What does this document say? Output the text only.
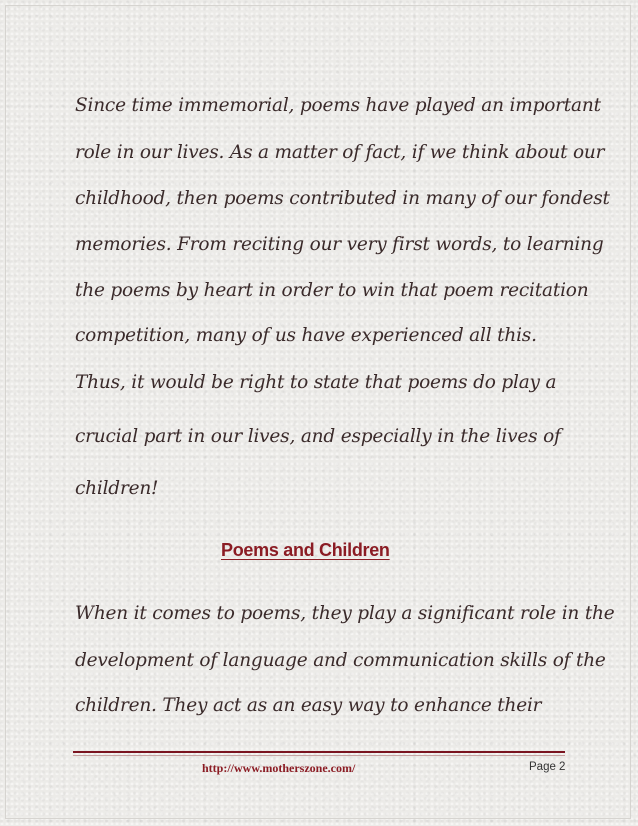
Since time immemorial, poems have played an important
role in our lives. As a matter of fact, if we think about our
childhood, then poems contributed in many of our fondest
memories. From reciting our very first words, to learning
the poems by heart in order to win that poem recitation
competition, many of us have experienced all this.
Thus, it would be right to state that poems do play a
crucial part in our lives, and especially in the lives of
children!
Poems and Children
When it comes to poems, they play a significant role in the
development of language and communication skills of the
children. They act as an easy way to enhance their
http://www.motherszone.com/	Page 2
